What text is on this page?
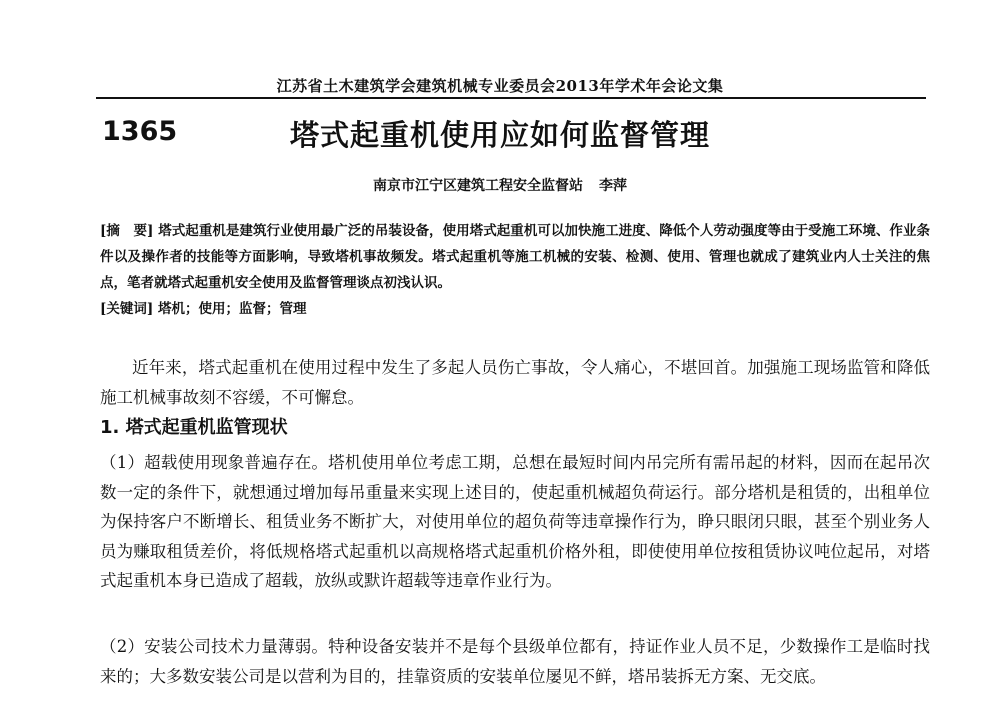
江苏省土木建筑学会建筑机械专业委员会2013年学术年会论文集
1365	塔式起重机使用应如何监督管理
南京市江宁区建筑工程安全监督站 李萍
[摘　要] 塔式起重机是建筑行业使用最广泛的吊装设备，使用塔式起重机可以加快施工进度、降低个人劳动强度等由于受施工环境、作业条件以及操作者的技能等方面影响，导致塔机事故频发。塔式起重机等施工机械的安装、检测、使用、管理也就成了建筑业内人士关注的焦点，笔者就塔式起重机安全使用及监督管理谈点初浅认识。
[关键词] 塔机；使用；监督；管理
近年来，塔式起重机在使用过程中发生了多起人员伤亡事故，令人痛心，不堪回首。加强施工现场监管和降低施工机械事故刻不容缓，不可懈怠。
1. 塔式起重机监管现状
（1）超载使用现象普遍存在。塔机使用单位考虑工期，总想在最短时间内吊完所有需吊起的材料，因而在起吊次数一定的条件下，就想通过增加每吊重量来实现上述目的，使起重机械超负荷运行。部分塔机是租赁的，出租单位为保持客户不断增长、租赁业务不断扩大，对使用单位的超负荷等违章操作行为，睁只眼闭只眼，甚至个别业务人员为赚取租赁差价，将低规格塔式起重机以高规格塔式起重机价格外租，即使使用单位按租赁协议吨位起吊，对塔式起重机本身已造成了超载，放纵或默许超载等违章作业行为。
（2）安装公司技术力量薄弱。特种设备安装并不是每个县级单位都有，持证作业人员不足，少数操作工是临时找来的；大多数安装公司是以营利为目的，挂靠资质的安装单位屡见不鲜，塔吊装拆无方案、无交底。
